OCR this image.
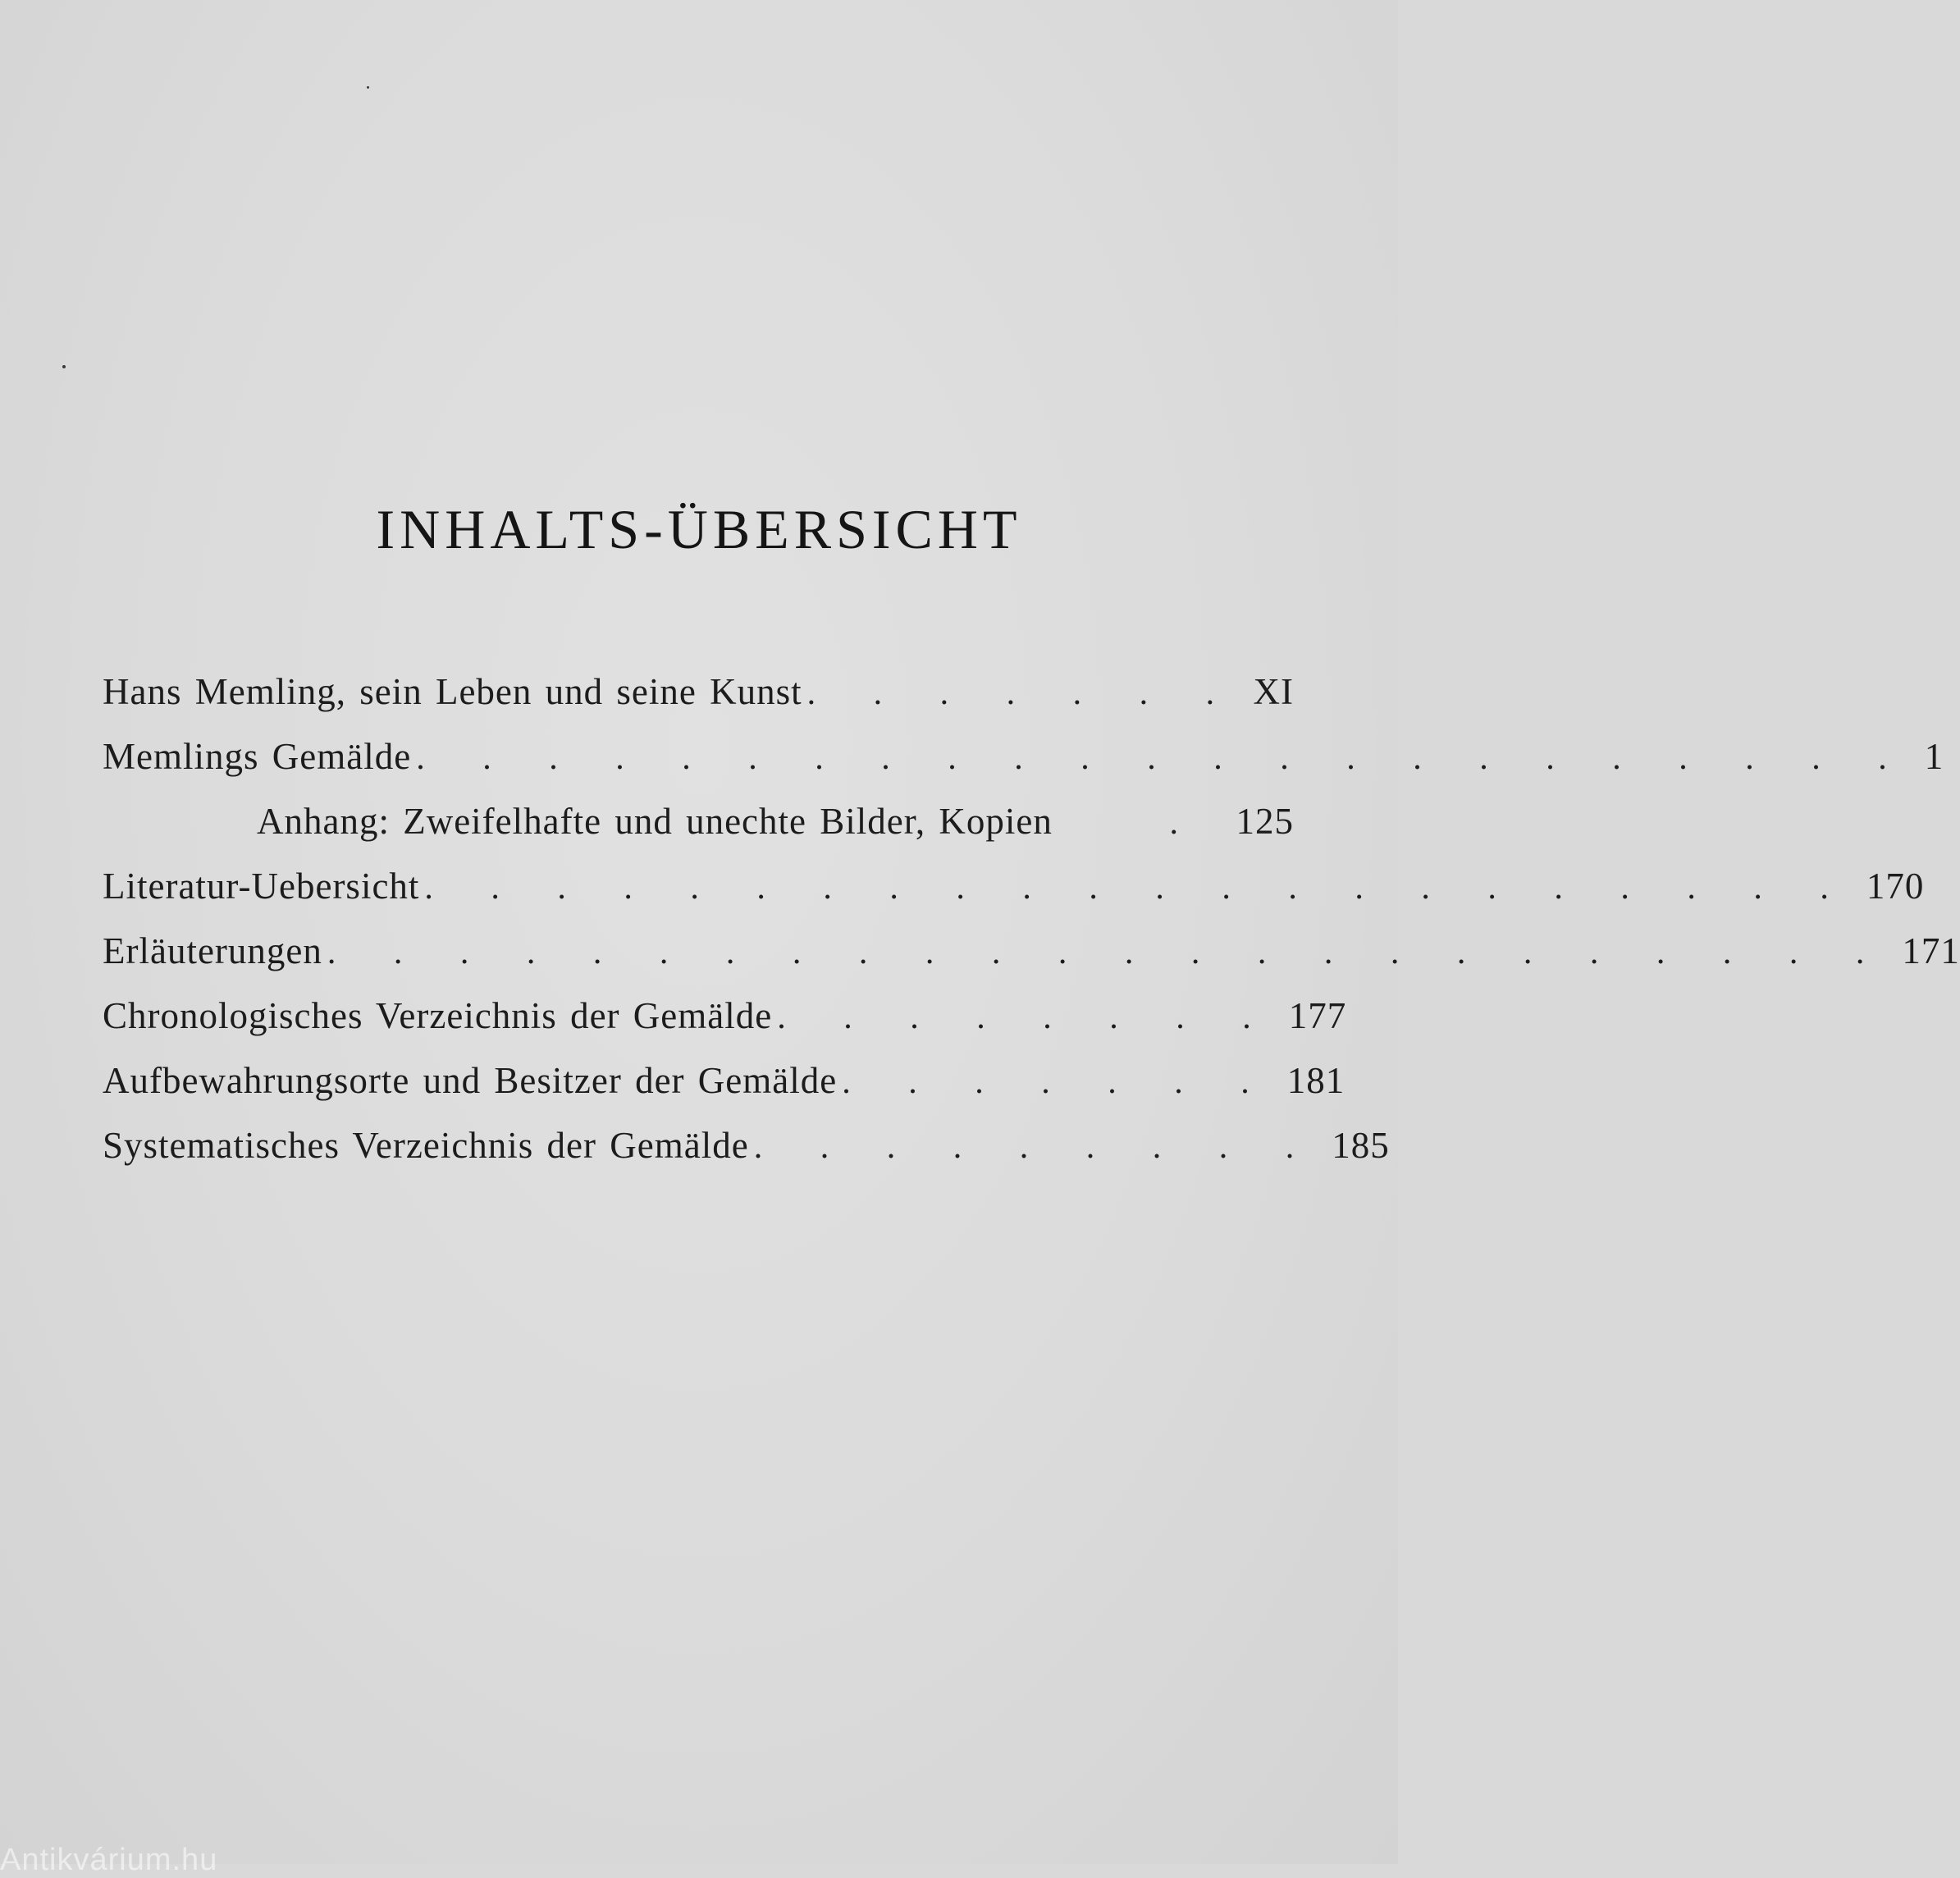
INHALTS-ÜBERSICHT
Hans Memling, sein Leben und seine Kunst . . . . . . . XI
Memlings Gemälde . . . . . . . . . . . . . . . . . . . . . . . 1
Anhang: Zweifelhafte und unechte Bilder, Kopien	. 125
Literatur-Uebersicht . . . . . . . . . . . . . . . . . . . . . . 170
Erläuterungen . . . . . . . . . . . . . . . . . . . . . . . . 171
Chronologisches Verzeichnis der Gemälde . . . . . . . . 177
Aufbewahrungsorte und Besitzer der Gemälde . . . . . . . 181
Systematisches Verzeichnis der Gemälde . . . . . . . . . 185
Antikvárium.hu
